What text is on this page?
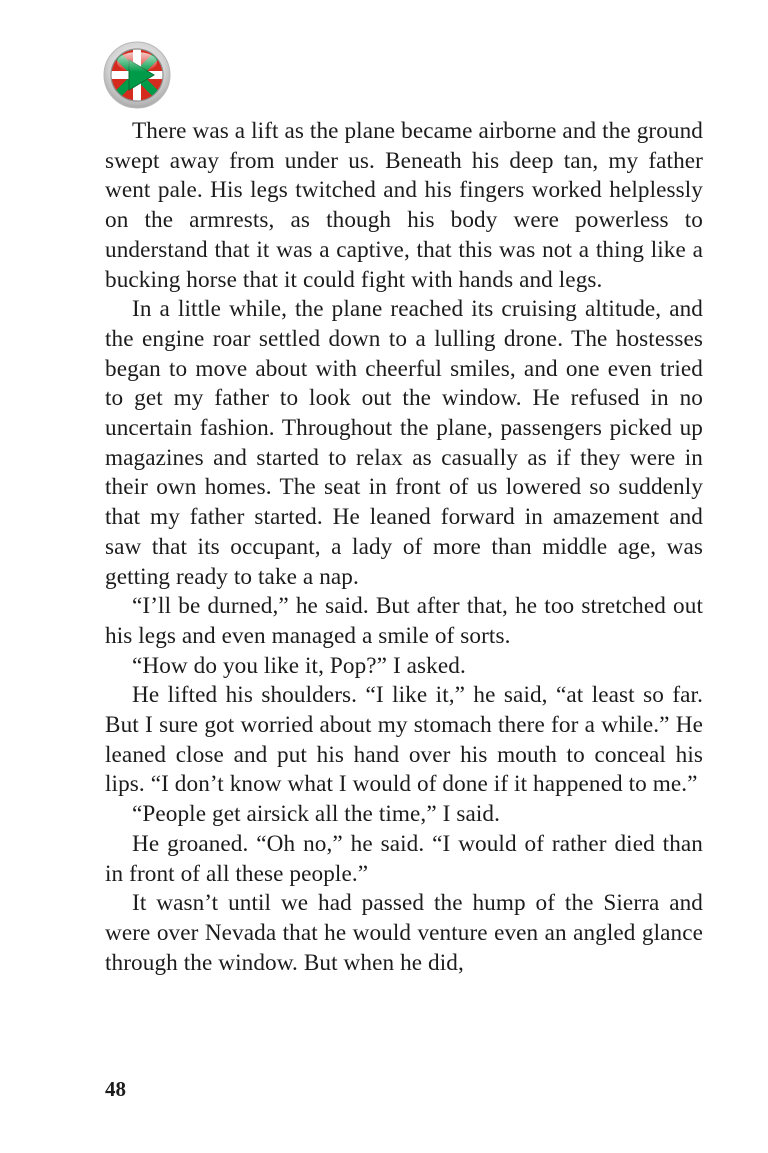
There was a lift as the plane became airborne and the ground swept away from under us. Beneath his deep tan, my father went pale. His legs twitched and his fingers worked helplessly on the armrests, as though his body were powerless to understand that it was a captive, that this was not a thing like a bucking horse that it could fight with hands and legs.

In a little while, the plane reached its cruising altitude, and the engine roar settled down to a lulling drone. The hostesses began to move about with cheerful smiles, and one even tried to get my father to look out the window. He refused in no uncertain fashion. Throughout the plane, passengers picked up magazines and started to relax as casually as if they were in their own homes. The seat in front of us lowered so suddenly that my father started. He leaned forward in amazement and saw that its occupant, a lady of more than middle age, was getting ready to take a nap.

“I’ll be durned,” he said. But after that, he too stretched out his legs and even managed a smile of sorts.

“How do you like it, Pop?” I asked.

He lifted his shoulders. “I like it,” he said, “at least so far. But I sure got worried about my stomach there for a while.” He leaned close and put his hand over his mouth to conceal his lips. “I don’t know what I would of done if it happened to me.”

“People get airsick all the time,” I said.

He groaned. “Oh no,” he said. “I would of rather died than in front of all these people.”

It wasn’t until we had passed the hump of the Sierra and were over Nevada that he would venture even an angled glance through the window. But when he did,

48
